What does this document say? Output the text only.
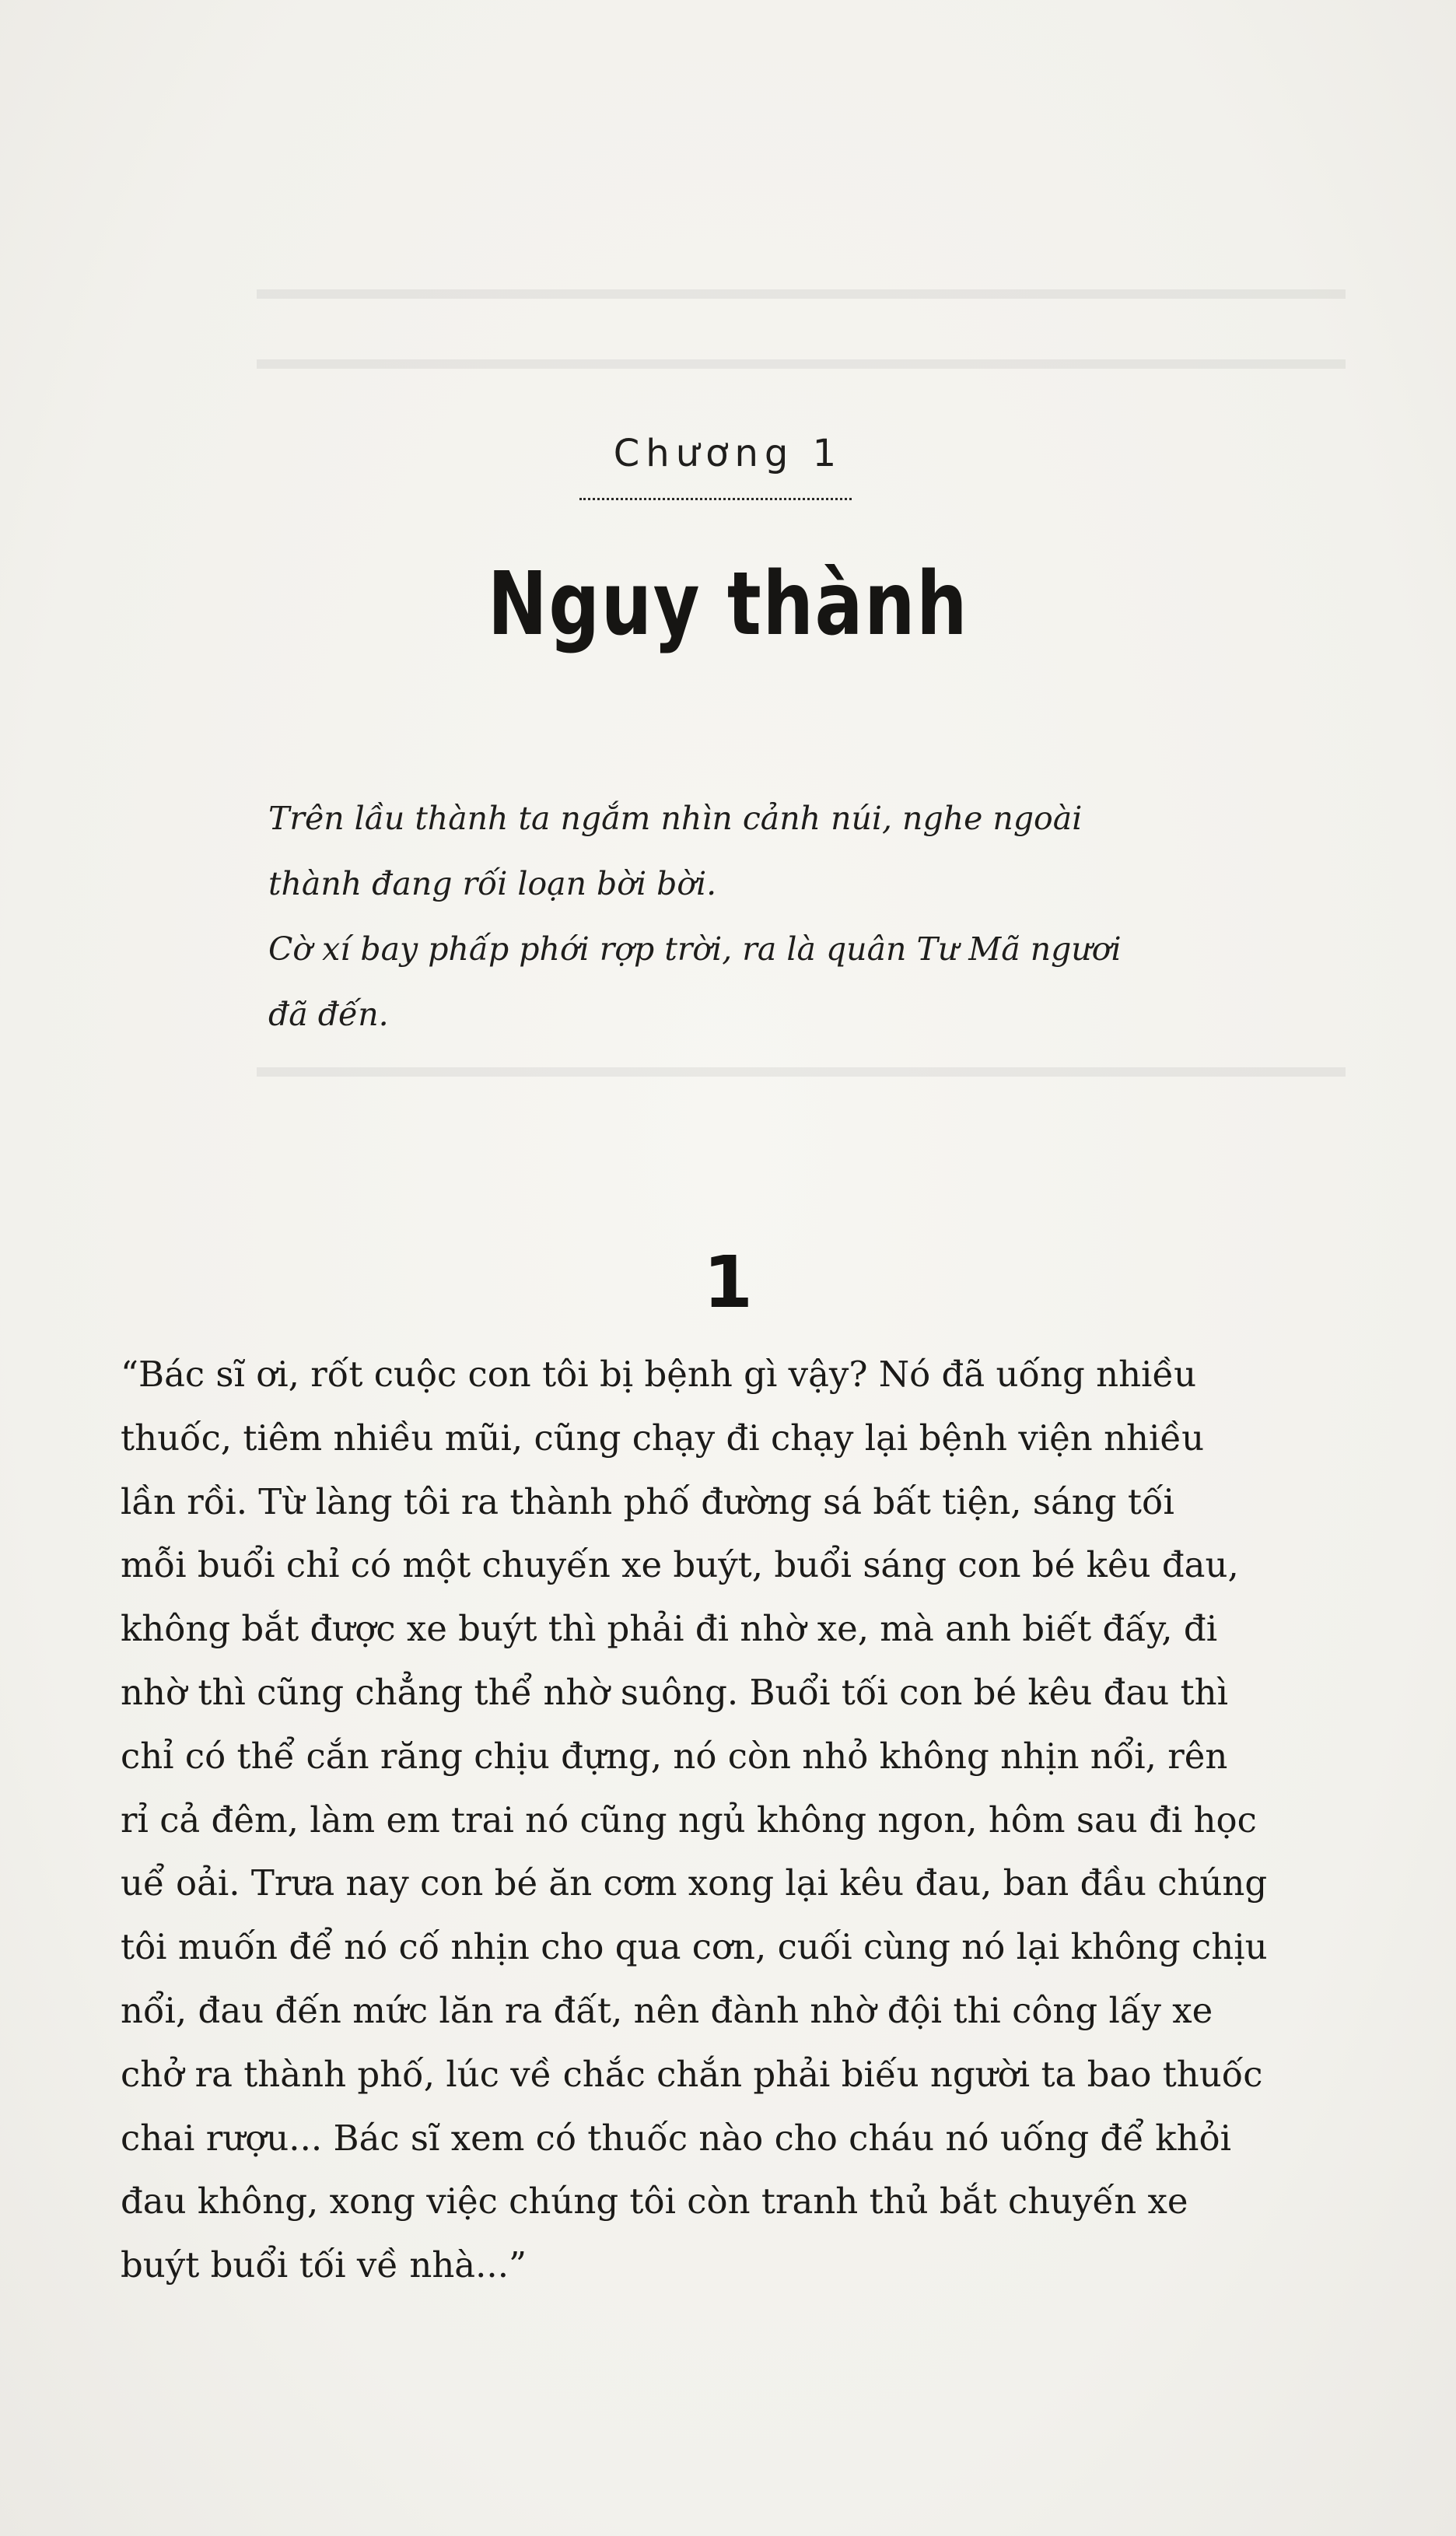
▬▬▬▬▬▬▬▬▬▬▬▬▬▬▬▬▬▬▬▬▬▬▬▬▬▬▬▬▬▬▬▬▬▬▬
▬▬▬▬▬▬▬▬▬▬▬▬▬▬▬▬▬▬▬▬▬▬▬▬▬▬▬▬▬▬▬▬▬▬▬
▬▬▬▬▬▬▬▬▬▬▬▬▬▬▬▬▬▬▬▬▬▬▬▬▬▬▬▬▬▬▬▬▬▬▬
Chương 1
Nguy thành

Trên lầu thành ta ngắm nhìn cảnh núi, nghe ngoài
thành đang rối loạn bời bời.

Cờ xí bay phấp phới rợp trời, ra là quân Tư Mã ngươi
đã đến.

1
“Bác sĩ ơi, rốt cuộc con tôi bị bệnh gì vậy? Nó đã uống nhiều
thuốc, tiêm nhiều mũi, cũng chạy đi chạy lại bệnh viện nhiều
lần rồi. Từ làng tôi ra thành phố đường sá bất tiện, sáng tối
mỗi buổi chỉ có một chuyến xe buýt, buổi sáng con bé kêu đau,
không bắt được xe buýt thì phải đi nhờ xe, mà anh biết đấy, đi
nhờ thì cũng chẳng thể nhờ suông. Buổi tối con bé kêu đau thì
chỉ có thể cắn răng chịu đựng, nó còn nhỏ không nhịn nổi, rên
rỉ cả đêm, làm em trai nó cũng ngủ không ngon, hôm sau đi học
uể oải. Trưa nay con bé ăn cơm xong lại kêu đau, ban đầu chúng
tôi muốn để nó cố nhịn cho qua cơn, cuối cùng nó lại không chịu
nổi, đau đến mức lăn ra đất, nên đành nhờ đội thi công lấy xe
chở ra thành phố, lúc về chắc chắn phải biếu người ta bao thuốc
chai rượu... Bác sĩ xem có thuốc nào cho cháu nó uống để khỏi
đau không, xong việc chúng tôi còn tranh thủ bắt chuyến xe
buýt buổi tối về nhà...”
